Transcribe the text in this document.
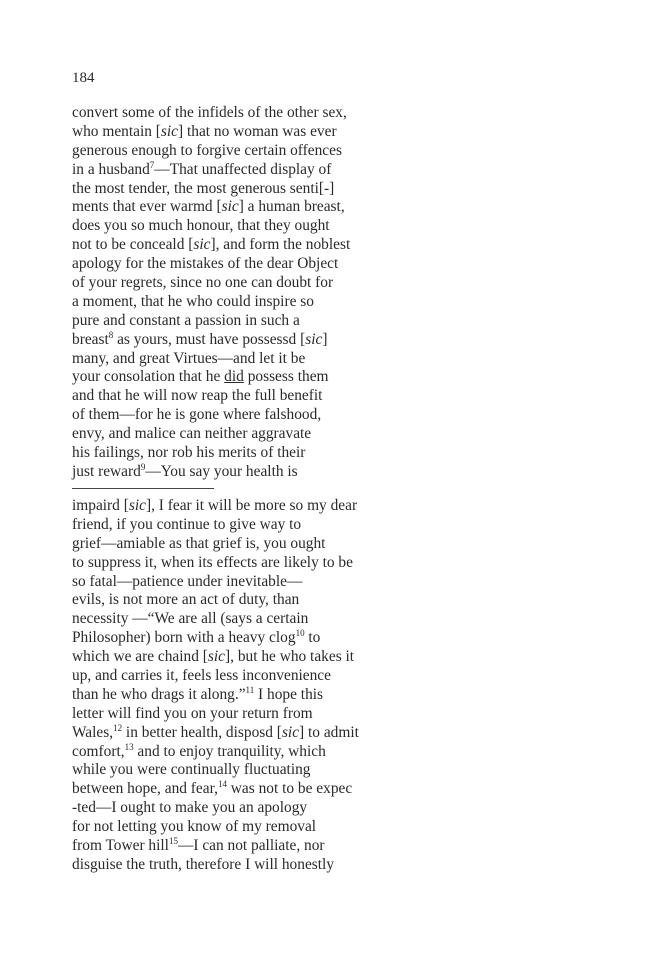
184
convert some of the infidels of the other sex,
who mentain [sic] that no woman was ever
generous enough to forgive certain offences
in a husband$^7$—That unaffected display of
the most tender, the most generous senti[-]
ments that ever warmd [sic] a human breast,
does you so much honour, that they ought
not to be conceald [sic], and form the noblest
apology for the mistakes of the dear Object
of your regrets, since no one can doubt for
a moment, that he who could inspire so
pure and constant a passion in such a
breast$^8$ as yours, must have possessd [sic]
many, and great Virtues—and let it be
your consolation that he did possess them
and that he will now reap the full benefit
of them—for he is gone where falshood,
envy, and malice can neither aggravate
his failings, nor rob his merits of their
just reward$^9$—You say your health is
impaird [sic], I fear it will be more so my dear
friend, if you continue to give way to
grief—amiable as that grief is, you ought
to suppress it, when its effects are likely to be
so fatal—patience under inevitable—
evils, is not more an act of duty, than
necessity —“We are all (says a certain
Philosopher) born with a heavy clog$^{10}$ to
which we are chaind [sic], but he who takes it
up, and carries it, feels less inconvenience
than he who drags it along.”$^{11}$ I hope this
letter will find you on your return from
Wales,$^{12}$ in better health, disposd [sic] to admit
comfort,$^{13}$ and to enjoy tranquility, which
while you were continually fluctuating
between hope, and fear,$^{14}$ was not to be expec
-ted—I ought to make you an apology
for not letting you know of my removal
from Tower hill$^{15}$—I can not palliate, nor
disguise the truth, therefore I will honestly
